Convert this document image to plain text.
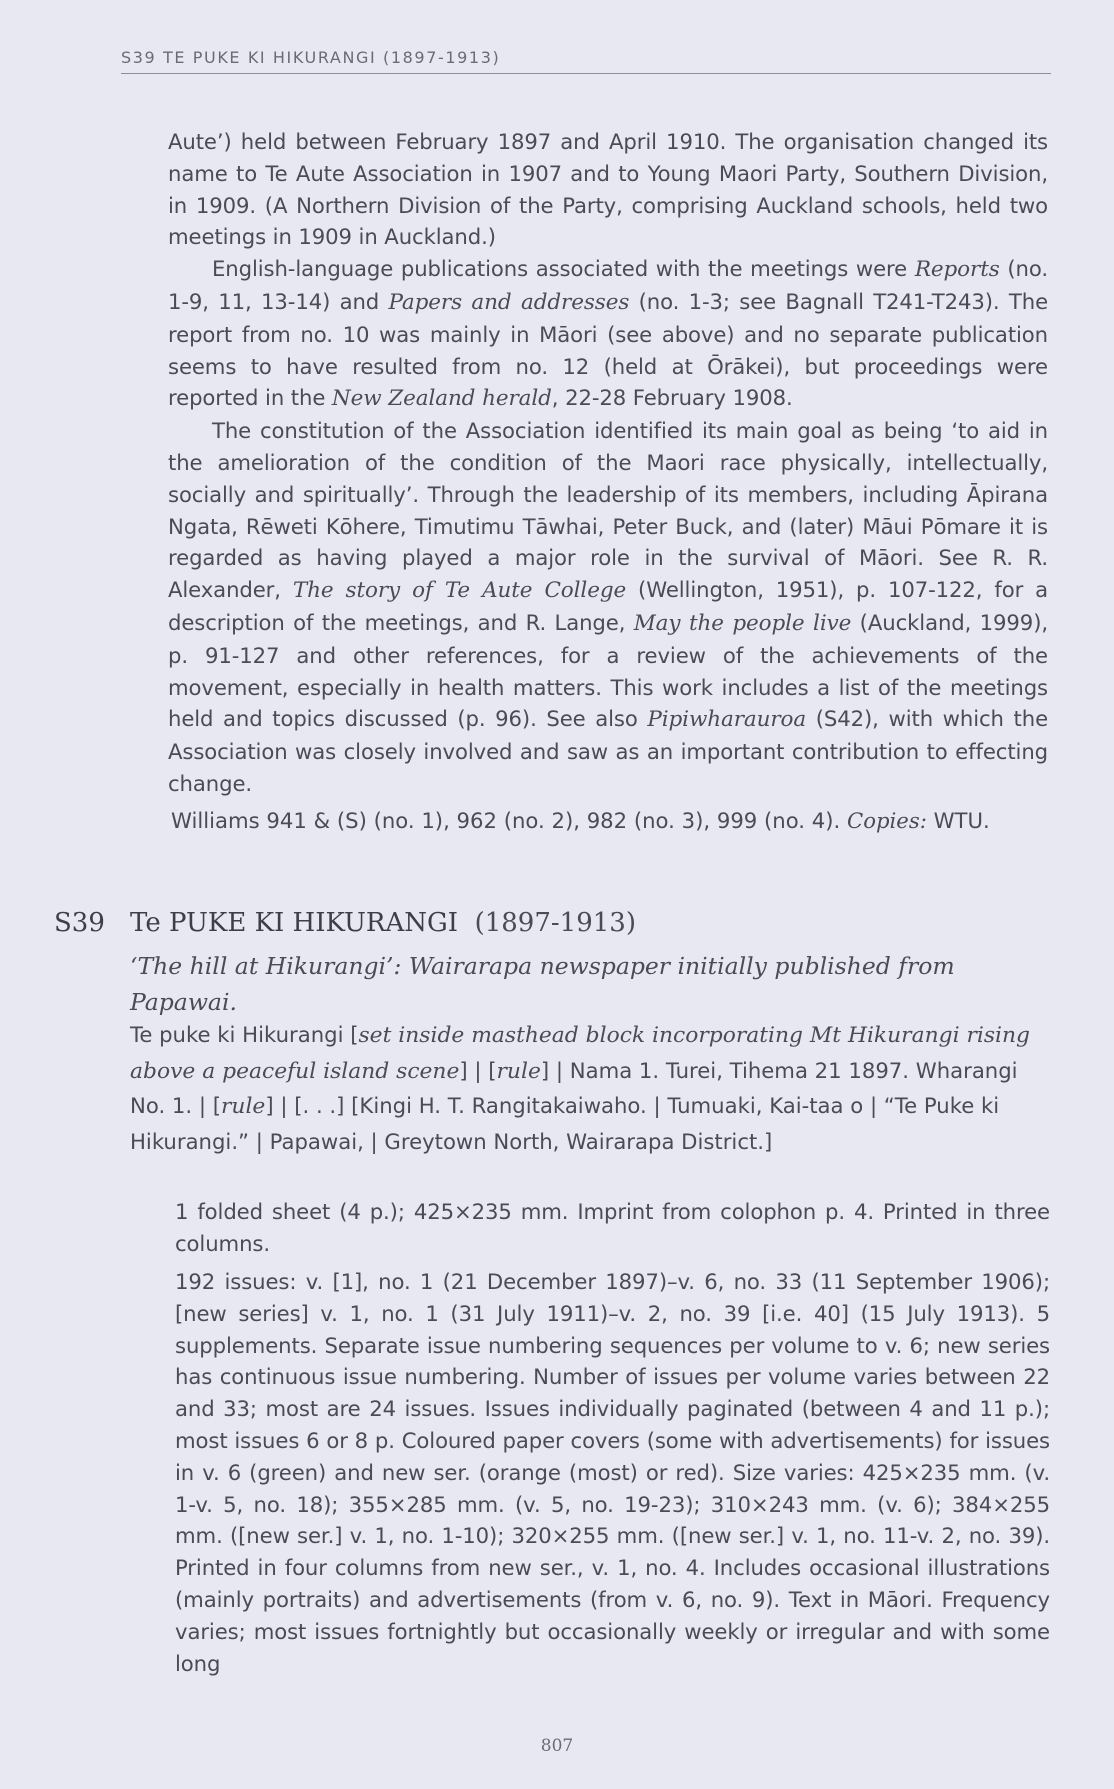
S39 TE PUKE KI HIKURANGI (1897-1913)
Aute’) held between February 1897 and April 1910. The organisation changed its name to Te Aute Association in 1907 and to Young Maori Party, Southern Division, in 1909. (A Northern Division of the Party, comprising Auckland schools, held two meetings in 1909 in Auckland.)
English-language publications associated with the meetings were Reports (no. 1-9, 11, 13-14) and Papers and addresses (no. 1-3; see Bagnall T241-T243). The report from no. 10 was mainly in Māori (see above) and no separate publication seems to have resulted from no. 12 (held at Ōrākei), but proceedings were reported in the New Zealand herald, 22-28 February 1908.
The constitution of the Association identified its main goal as being ‘to aid in the amelioration of the condition of the Maori race physically, intellectually, socially and spiritually’. Through the leadership of its members, including Āpirana Ngata, Rēweti Kōhere, Timutimu Tāwhai, Peter Buck, and (later) Māui Pōmare it is regarded as having played a major role in the survival of Māori. See R. R. Alexander, The story of Te Aute College (Wellington, 1951), p. 107-122, for a description of the meetings, and R. Lange, May the people live (Auckland, 1999), p. 91-127 and other references, for a review of the achievements of the movement, especially in health matters. This work includes a list of the meetings held and topics discussed (p. 96). See also Pipiwharauroa (S42), with which the Association was closely involved and saw as an important contribution to effecting change.

Williams 941 & (S) (no. 1), 962 (no. 2), 982 (no. 3), 999 (no. 4). Copies: WTU.

S39 Te PUKE KI HIKURANGI (1897-1913)

‘The hill at Hikurangi’: Wairarapa newspaper initially published from Papawai.

Te puke ki Hikurangi [set inside masthead block incorporating Mt Hikurangi rising above a peaceful island scene] | [rule] | Nama 1. Turei, Tihema 21 1897. Wharangi No. 1. | [rule] | [. . .] [Kingi H. T. Rangitakaiwaho. | Tumuaki, Kai-taa o | “Te Puke ki Hikurangi.” | Papawai, | Greytown North, Wairarapa District.]

1 folded sheet (4 p.); 425×235 mm. Imprint from colophon p. 4. Printed in three columns.

192 issues: v. [1], no. 1 (21 December 1897)–v. 6, no. 33 (11 September 1906); [new series] v. 1, no. 1 (31 July 1911)–v. 2, no. 39 [i.e. 40] (15 July 1913). 5 supplements. Separate issue numbering sequences per volume to v. 6; new series has continuous issue numbering. Number of issues per volume varies between 22 and 33; most are 24 issues. Issues individually paginated (between 4 and 11 p.); most issues 6 or 8 p. Coloured paper covers (some with advertisements) for issues in v. 6 (green) and new ser. (orange (most) or red). Size varies: 425×235 mm. (v. 1-v. 5, no. 18); 355×285 mm. (v. 5, no. 19-23); 310×243 mm. (v. 6); 384×255 mm. ([new ser.] v. 1, no. 1-10); 320×255 mm. ([new ser.] v. 1, no. 11-v. 2, no. 39). Printed in four columns from new ser., v. 1, no. 4. Includes occasional illustrations (mainly portraits) and advertisements (from v. 6, no. 9). Text in Māori. Frequency varies; most issues fortnightly but occasionally weekly or irregular and with some long

807
